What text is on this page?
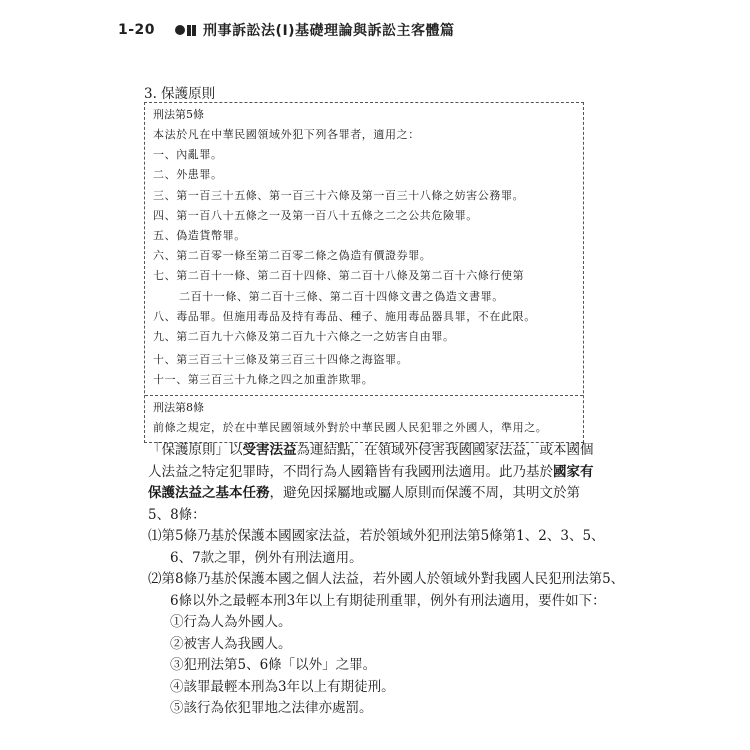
1-20	刑事訴訟法(Ⅰ)基礎理論與訴訟主客體篇
3. 保護原則
刑法第5條
本法於凡在中華民國領域外犯下列各罪者，適用之：
一、內亂罪。
二、外患罪。
三、第一百三十五條、第一百三十六條及第一百三十八條之妨害公務罪。
四、第一百八十五條之一及第一百八十五條之二之公共危險罪。
五、偽造貨幣罪。
六、第二百零一條至第二百零二條之偽造有價證券罪。
七、第二百十一條、第二百十四條、第二百十八條及第二百十六條行使第
二百十一條、第二百十三條、第二百十四條文書之偽造文書罪。
八、毒品罪。但施用毒品及持有毒品、種子、施用毒品器具罪，不在此限。
九、第二百九十六條及第二百九十六條之一之妨害自由罪。
十、第三百三十三條及第三百三十四條之海盜罪。
十一、第三百三十九條之四之加重詐欺罪。
刑法第8條
前條之規定，於在中華民國領域外對於中華民國人民犯罪之外國人，準用之。
「保護原則」以受害法益為連結點，在領域外侵害我國國家法益，或本國個人法益之特定犯罪時，不問行為人國籍皆有我國刑法適用。此乃基於國家有保護法益之基本任務，避免因採屬地或屬人原則而保護不周，其明文於第5、8條：
⑴第5條乃基於保護本國國家法益，若於領域外犯刑法第5條第1、2、3、5、
6、7款之罪，例外有刑法適用。
⑵第8條乃基於保護本國之個人法益，若外國人於領域外對我國人民犯刑法第5、
6條以外之最輕本刑3年以上有期徒刑重罪，例外有刑法適用，要件如下：
①行為人為外國人。
②被害人為我國人。
③犯刑法第5、6條「以外」之罪。
④該罪最輕本刑為3年以上有期徒刑。
⑤該行為依犯罪地之法律亦處罰。
